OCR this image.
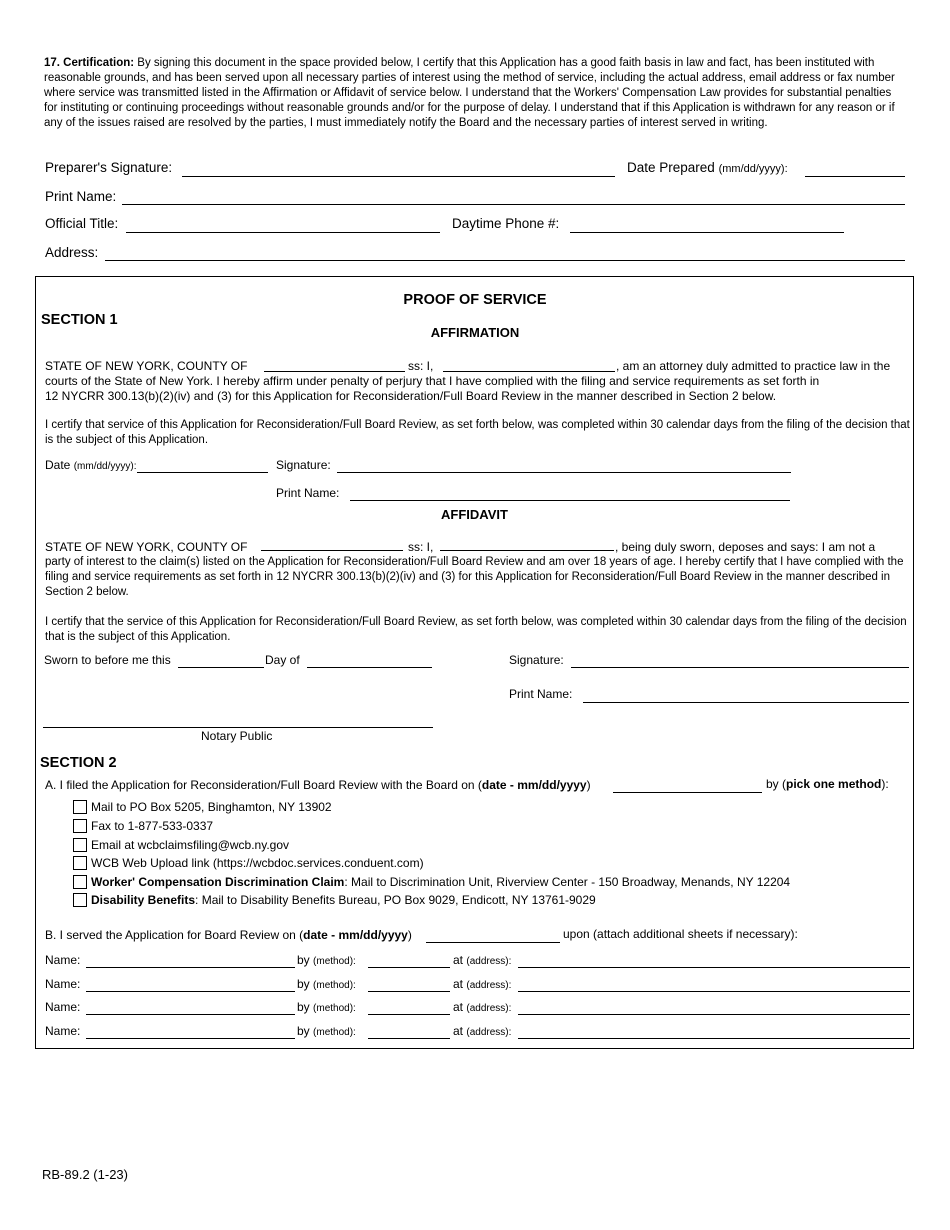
17. Certification: By signing this document in the space provided below, I certify that this Application has a good faith basis in law and fact, has been instituted with reasonable grounds, and has been served upon all necessary parties of interest using the method of service, including the actual address, email address or fax number where service was transmitted listed in the Affirmation or Affidavit of service below. I understand that the Workers' Compensation Law provides for substantial penalties for instituting or continuing proceedings without reasonable grounds and/or for the purpose of delay. I understand that if this Application is withdrawn for any reason or if any of the issues raised are resolved by the parties, I must immediately notify the Board and the necessary parties of interest served in writing.
Preparer's Signature:	Date Prepared (mm/dd/yyyy):
Print Name:
Official Title:	Daytime Phone #:
Address:
PROOF OF SERVICE
SECTION 1
AFFIRMATION
STATE OF NEW YORK, COUNTY OF	ss: I,	, am an attorney duly admitted to practice law in the
courts of the State of New York. I hereby affirm under penalty of perjury that I have complied with the filing and service requirements as set forth in
12 NYCRR 300.13(b)(2)(iv) and (3) for this Application for Reconsideration/Full Board Review in the manner described in Section 2 below.
I certify that service of this Application for Reconsideration/Full Board Review, as set forth below, was completed within 30 calendar days from the filing of the decision that is the subject of this Application.
Date (mm/dd/yyyy):	Signature:
Print Name:
AFFIDAVIT
STATE OF NEW YORK, COUNTY OF	ss: I,	, being duly sworn, deposes and says: I am not a
party of interest to the claim(s) listed on the Application for Reconsideration/Full Board Review and am over 18 years of age. I hereby certify that I have complied with the filing and service requirements as set forth in 12 NYCRR 300.13(b)(2)(iv) and (3) for this Application for Reconsideration/Full Board Review in the manner described in Section 2 below.
I certify that the service of this Application for Reconsideration/Full Board Review, as set forth below, was completed within 30 calendar days from the filing of the decision that is the subject of this Application.
Sworn to before me this	Day of	Signature:
Print Name:
Notary Public
SECTION 2
A. I filed the Application for Reconsideration/Full Board Review with the Board on (date - mm/dd/yyyy)	by (pick one method):
Mail to PO Box 5205, Binghamton, NY 13902
Fax to 1-877-533-0337
Email at wcbclaimsfiling@wcb.ny.gov
WCB Web Upload link (https://wcbdoc.services.conduent.com)
Worker' Compensation Discrimination Claim: Mail to Discrimination Unit, Riverview Center - 150 Broadway, Menands, NY 12204
Disability Benefits: Mail to Disability Benefits Bureau, PO Box 9029, Endicott, NY 13761-9029
B. I served the Application for Board Review on (date - mm/dd/yyyy)	upon (attach additional sheets if necessary):
Name:	by (method):	at (address):
Name:	by (method):	at (address):
Name:	by (method):	at (address):
Name:	by (method):	at (address):
RB-89.2 (1-23)
